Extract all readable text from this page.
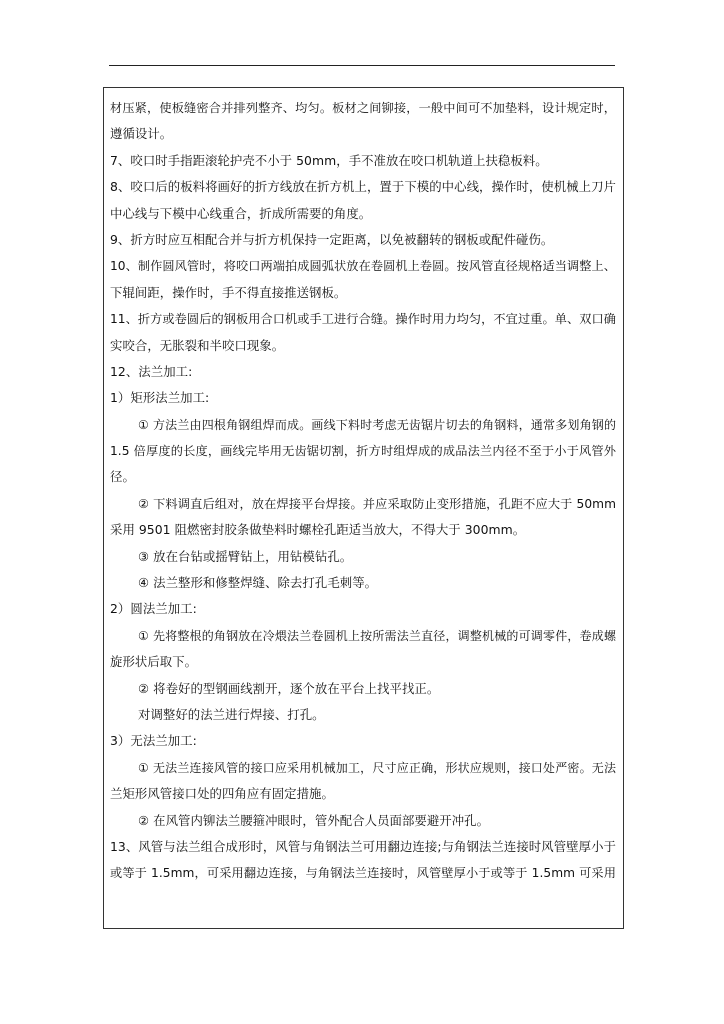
材压紧，使板缝密合并排列整齐、均匀。板材之间铆接，一般中间可不加垫料，设计规定时，
遵循设计。
7、咬口时手指距滚轮护壳不小于 50mm，手不准放在咬口机轨道上扶稳板料。
8、咬口后的板料将画好的折方线放在折方机上，置于下模的中心线，操作时，使机械上刀片
中心线与下模中心线重合，折成所需要的角度。
9、折方时应互相配合并与折方机保持一定距离，以免被翻转的钢板或配件碰伤。
10、制作圆风管时，将咬口两端拍成圆弧状放在卷圆机上卷圆。按风管直径规格适当调整上、
下辊间距，操作时，手不得直接推送钢板。
11、折方或卷圆后的钢板用合口机或手工进行合缝。操作时用力均匀，不宜过重。单、双口确
实咬合，无胀裂和半咬口现象。
12、法兰加工:
1）矩形法兰加工:
① 方法兰由四根角钢组焊而成。画线下料时考虑无齿锯片切去的角钢料，通常多划角钢的
1.5 倍厚度的长度，画线完毕用无齿锯切割，折方时组焊成的成品法兰内径不至于小于风管外
径。
② 下料调直后组对，放在焊接平台焊接。并应采取防止变形措施，孔距不应大于 50mm
采用 9501 阻燃密封胶条做垫料时螺栓孔距适当放大，不得大于 300mm。
③ 放在台钻或摇臂钻上，用钻模钻孔。
④ 法兰整形和修整焊缝、除去打孔毛刺等。
2）圆法兰加工:
① 先将整根的角钢放在冷煨法兰卷圆机上按所需法兰直径，调整机械的可调零件，卷成螺
旋形状后取下。
② 将卷好的型钢画线割开，逐个放在平台上找平找正。
对调整好的法兰进行焊接、打孔。
3）无法兰加工:
① 无法兰连接风管的接口应采用机械加工，尺寸应正确，形状应规则，接口处严密。无法
兰矩形风管接口处的四角应有固定措施。
② 在风管内铆法兰腰箍冲眼时，管外配合人员面部要避开冲孔。
13、风管与法兰组合成形时，风管与角钢法兰可用翻边连接;与角钢法兰连接时风管壁厚小于
或等于 1.5mm，可采用翻边连接，与角钢法兰连接时，风管壁厚小于或等于 1.5mm 可采用
